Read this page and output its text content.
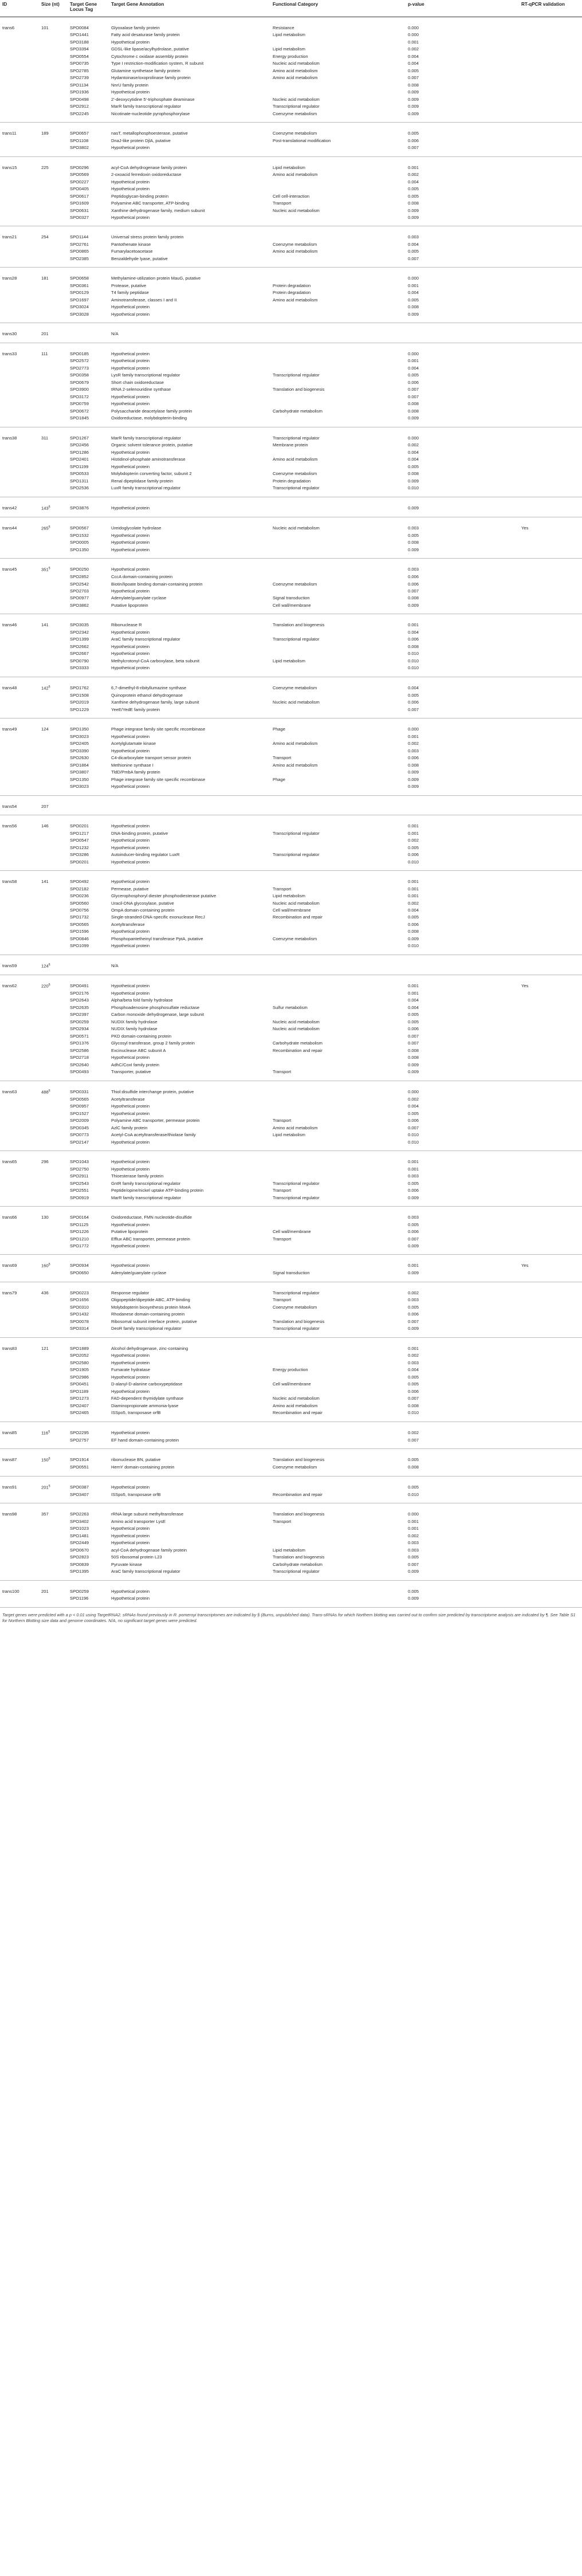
ID	Size (nt)	Target Gene Locus Tag	Target Gene Annotation	Functional Category	p-value	RT-qPCR validation
trans6	101	SPO0084	Glyoxalase family protein	Resistance	0.000	
		SPO1441	Fatty acid desaturase family protein	Lipid metabolism	0.000	
		SPO3188	Hypothetical protein		0.001	
		SPO3394	GDSL-like lipase/acylhydrolase, putative	Lipid metabolism	0.002	
		SPO0554	Cytochrome c oxidase assembly protein	Energy production	0.004	
		SPO0735	Type I restriction-modification system, R subunit	Nucleic acid metabolism	0.004	
		SPO2785	Glutamine synthetase family protein	Amino acid metabolism	0.005	
		SPO2739	Hydantoinase/oxoprolinase family protein	Amino acid metabolism	0.007	
		SPO1134	NnrU family protein		0.008	
		SPO1936	Hypothetical protein		0.009	
		SPO0498	2'-deoxycytidine 5'-triphosphate deaminase	Nucleic acid metabolism	0.009	
		SPO2912	MarR family transcriptional regulator	Transcriptional regulator	0.009	
		SPO2245	Nicotinate-nucleotide pyrophosphorylase	Coenzyme metabolism	0.009	
trans11	189	SPO0657	nasT, metallophosphoesterase, putative	Coenzyme metabolism	0.005	
		SPO1108	DnaJ-like protein DjlA, putative	Post-translational modification	0.006	
		SPO3802	Hypothetical protein		0.007	
trans15	225	SPO0296	acyl-CoA dehydrogenase family protein	Lipid metabolism	0.001	
		SPO0569	2-oxoacid ferredoxin oxidoreductase	Amino acid metabolism	0.002	
		SPO0227	Hypothetical protein		0.004	
		SPO0405	Hypothetical protein		0.005	
		SPO0617	Peptidoglycan-binding protein	Cell cell-interaction	0.005	
		SPO1609	Polyamine ABC transporter, ATP-binding	Transport	0.008	
		SPO0631	Xanthine dehydrogenase family, medium subunit	Nucleic acid metabolism	0.009	
		SPO0327	Hypothetical protein		0.009	
trans21	254	SPO1144	Universal stress protein family protein		0.003	
		SPO2761	Pantothenate kinase	Coenzyme metabolism	0.004	
		SPO0865	Fumarylacetoacetase	Amino acid metabolism	0.005	
		SPO2385	Benzaldehyde lyase, putative		0.007	
trans28	181	SPO0658	Methylamine-utilization protein MauG, putative		0.000	
		SPO0361	Protease, putative	Protein degradation	0.001	
		SPO0129	T4 family peptidase	Protein degradation	0.004	
		SPO1697	Aminotransferase, classes I and II	Amino acid metabolism	0.005	
		SPO3024	Hypothetical protein		0.008	
		SPO3028	Hypothetical protein		0.009	
trans30	201		N/A			
trans33	111	SPO0185	Hypothetical protein		0.000	
		SPO2572	Hypothetical protein		0.001	
		SPO2773	Hypothetical protein		0.004	
		SPO0358	LysR family transcriptional regulator	Transcriptional regulator	0.005	
		SPO0679	Short chain oxidoreductase		0.006	
		SPO3900	tRNA 2-selenouridine synthase	Translation and biogenesis	0.007	
		SPO3172	Hypothetical protein		0.007	
		SPO0759	Hypothetical protein		0.008	
		SPO0672	Polysaccharide deacetylase family protein	Carbohydrate metabolism	0.008	
		SPO1845	Oxidoreductase, molybdopterin-binding		0.009	
trans38	311	SPO1267	MarR family transcriptional regulator	Transcriptional regulator	0.000	
		SPO2456	Organic solvent tolerance protein, putative	Membrane protein	0.002	
		SPO1286	Hypothetical protein		0.004	
		SPO2401	Histidinol-phosphate aminotransferase	Amino acid metabolism	0.004	
		SPO1199	Hypothetical protein		0.005	
		SPO0533	Molybdopterin converting factor, subunit 2	Coenzyme metabolism	0.008	
		SPO1311	Renal dipeptidase family protein	Protein degradation	0.009	
		SPO2536	LuxR family transcriptional regulator	Transcriptional regulator	0.010	
trans42	143§	SPO3876	Hypothetical protein		0.009	
trans44	265§	SPO0567	Ureidoglycolate hydrolase	Nucleic acid metabolism	0.003	Yes
		SPO1532	Hypothetical protein		0.005	
		SPO0005	Hypothetical protein		0.008	
		SPO1350	Hypothetical protein		0.009	
trans45	351§	SPO0250	Hypothetical protein		0.003	
		SPO2852	CccA domain-containing protein		0.006	
		SPO2542	Biotin/lipoate binding domain-containing protein	Coenzyme metabolism	0.006	
		SPO2703	Hypothetical protein		0.007	
		SPO0977	Adenylate/guanylate cyclase	Signal transduction	0.008	
		SPO3862	Putative lipoprotein	Cell wall/membrane	0.009	
trans46	141	SPO3035	Ribonuclease R	Translation and biogenesis	0.001	
		SPO2342	Hypothetical protein		0.004	
		SPO1399	AraC family transcriptional regulator	Transcriptional regulator	0.006	
		SPO2662	Hypothetical protein		0.008	
		SPO2667	Hypothetical protein		0.010	
		SPO0790	Methylcrotonyl-CoA carboxylase, beta subunit	Lipid metabolism	0.010	
		SPO3333	Hypothetical protein		0.010	
trans48	142§	SPO1762	6,7-dimethyl-8-ribityllumazine synthase	Coenzyme metabolism	0.004	
		SPO1508	Quinoprotein ethanol dehydrogenase		0.005	
		SPO2019	Xanthine dehydrogenase family, large subunit	Nucleic acid metabolism	0.006	
		SPO1229	YeeE/YedE family protein		0.007	
trans49	124	SPO1350	Phage integrase family site specific recombinase	Phage	0.000	
		SPO3023	Hypothetical protein		0.001	
		SPO2405	Acetylglutamate kinase	Amino acid metabolism	0.002	
		SPO3390	Hypothetical protein		0.003	
		SPO2630	C4-dicarboxylate transport sensor protein	Transport	0.006	
		SPO1864	Methionine synthase I	Amino acid metabolism	0.008	
		SPO3807	TldD/PmbA family protein		0.009	
		SPO1350	Phage integrase family site specific recombinase	Phage	0.009	
		SPO3023	Hypothetical protein		0.009	
trans54	207					
trans56	146	SPO0201	Hypothetical protein		0.001	
		SPO1217	DNA-binding protein, putative	Transcriptional regulator	0.001	
		SPO0547	Hypothetical protein		0.002	
		SPO1232	Hypothetical protein		0.005	
		SPO3286	Autoinducer-binding regulator LuxR	Transcriptional regulator	0.006	
		SPO0201	Hypothetical protein		0.010	
trans58	141	SPO0492	Hypothetical protein		0.001	
		SPO2182	Permease, putative	Transport	0.001	
		SPO0236	Glycerophosphoryl diester phosphodiesterase putative	Lipid metabolism	0.001	
		SPO0560	Uracil-DNA glycosylase, putative	Nucleic acid metabolism	0.002	
		SPO0756	OmpA domain-containing protein	Cell wall/membrane	0.004	
		SPO1732	Single-stranded-DNA-specific exonuclease RecJ	Recombination and repair	0.005	
		SPO0565	Acetyltransferase		0.006	
		SPO1596	Hypothetical protein		0.008	
		SPO0846	Phosphopantetheinyl transferase PptA, putative	Coenzyme metabolism	0.009	
		SPO1099	Hypothetical protein		0.010	
trans59	124§		N/A			
trans62	220§	SPO0491	Hypothetical protein		0.001	Yes
		SPO2176	Hypothetical protein		0.001	
		SPO2643	Alpha/beta fold family hydrolase		0.004	
		SPO2635	Phosphoadenosine phosphosulfate reductase	Sulfur metabolism	0.004	
		SPO2397	Carbon monoxide dehydrogenase, large subunit		0.005	
		SPO0259	NUDIX family hydrolase	Nucleic acid metabolism	0.005	
		SPO2934	NUDIX family hydrolase	Nucleic acid metabolism	0.006	
		SPO0571	PKD domain-containing protein		0.007	
		SPO1376	Glycosyl transferase, group 2 family protein	Carbohydrate metabolism	0.007	
		SPO2586	Excinuclease ABC subunit A	Recombination and repair	0.008	
		SPO2718	Hypothetical protein		0.008	
		SPO2640	AdhC/CoxI family protein		0.009	
		SPO0493	Transporter, putative	Transport	0.009	
trans63	488§	SPO0331	Thiol:disulfide interchange protein, putative		0.000	
		SPO0565	Acetyltransferase		0.002	
		SPO0957	Hypothetical protein		0.004	
		SPO1527	Hypothetical protein		0.005	
		SPO2009	Polyamine ABC transporter, permease protein	Transport	0.006	
		SPO0345	AzlC family protein	Amino acid metabolism	0.007	
		SPO0773	Acetyl-CoA acetyltransferase/thiolase family	Lipid metabolism	0.010	
		SPO2147	Hypothetical protein		0.010	
trans65	296	SPO1043	Hypothetical protein		0.001	
		SPO2750	Hypothetical protein		0.001	
		SPO2911	Thioesterase family protein		0.003	
		SPO2543	GntR family transcriptional regulator	Transcriptional regulator	0.005	
		SPO2551	Peptide/opine/nickel uptake ATP-binding protein	Transport	0.006	
		SPO0919	MarR family transcriptional regulator	Transcriptional regulator	0.009	
trans66	130	SPO0164	Oxidoreductase, FMN nucleotide-disulfide		0.003	
		SPO1125	Hypothetical protein		0.005	
		SPO1226	Putative lipoprotein	Cell wall/membrane	0.006	
		SPO1210	Efflux ABC transporter, permease protein	Transport	0.007	
		SPO1772	Hypothetical protein		0.009	
trans69	160§	SPO0934	Hypothetical protein		0.001	Yes
		SPO0650	Adenylate/guanylate cyclase	Signal transduction	0.009	
trans79	436	SPO0223	Response regulator	Transcriptional regulator	0.002	
		SPO1656	Oligopeptide/dipeptide ABC, ATP-binding	Transport	0.003	
		SPO0310	Molybdopterin biosynthesis protein MoeA	Coenzyme metabolism	0.005	
		SPO1432	Rhodanese domain-containing protein		0.006	
		SPO0078	Ribosomal subunit interface protein, putative	Translation and biogenesis	0.007	
		SPO3314	DeoR family transcriptional regulator	Transcriptional regulator	0.009	
trans83	121	SPO1889	Alcohol dehydrogenase, zinc-containing		0.001	
		SPO2052	Hypothetical protein		0.002	
		SPO2580	Hypothetical protein		0.003	
		SPO1905	Fumarate hydratase	Energy production	0.004	
		SPO2986	Hypothetical protein		0.005	
		SPO0451	D-alanyl-D-alanine carboxypeptidase	Cell wall/membrane	0.005	
		SPO1189	Hypothetical protein		0.006	
		SPO1273	FAD-dependent thymidylate synthase	Nucleic acid metabolism	0.007	
		SPO2407	Diaminopropionate ammonia-lyase	Amino acid metabolism	0.008	
		SPO2465	ISSpo5, transposase orfB	Recombination and repair	0.010	
trans85	116§	SPO2295	Hypothetical protein		0.002	
		SPO2757	EF hand domain-containing protein		0.007	
trans87	150§	SPO1914	ribonuclease BN, putative	Translation and biogenesis	0.005	
		SPO0551	HemY domain-containing protein	Coenzyme metabolism	0.008	
trans91	201§	SPO0387	Hypothetical protein		0.005	
		SPO3407	ISSpo5, transposase orfB	Recombination and repair	0.010	
trans98	357	SPO2263	rRNA large subunit methyltransferase	Translation and biogenesis	0.000	
		SPO3402	Amino acid transporter LysE	Transport	0.001	
		SPO1023	Hypothetical protein		0.001	
		SPO1481	Hypothetical protein		0.002	
		SPO2449	Hypothetical protein		0.003	
		SPO0670	acyl-CoA dehydrogenase family protein	Lipid metabolism	0.003	
		SPO2823	50S ribosomal protein L23	Translation and biogenesis	0.005	
		SPO0839	Pyruvate kinase	Carbohydrate metabolism	0.007	
		SPO1395	AraC family transcriptional regulator	Transcriptional regulator	0.009	
trans100	201	SPO0259	Hypothetical protein		0.005	
		SPO1196	Hypothetical protein		0.009	
Target genes were predicted with a p < 0.01 using TargetRNA2. sRNAs found previously in R. pomeroyi transcriptomes are indicated by § (Burns, unpublished data). Trans-sRNAs for which Northern blotting was carried out to confirm size predicted by transcriptome analysis are indicated by ¶. See Table S1 for Northern Blotting size data and genome coordinates. N/A, no significant target genes were predicted.
